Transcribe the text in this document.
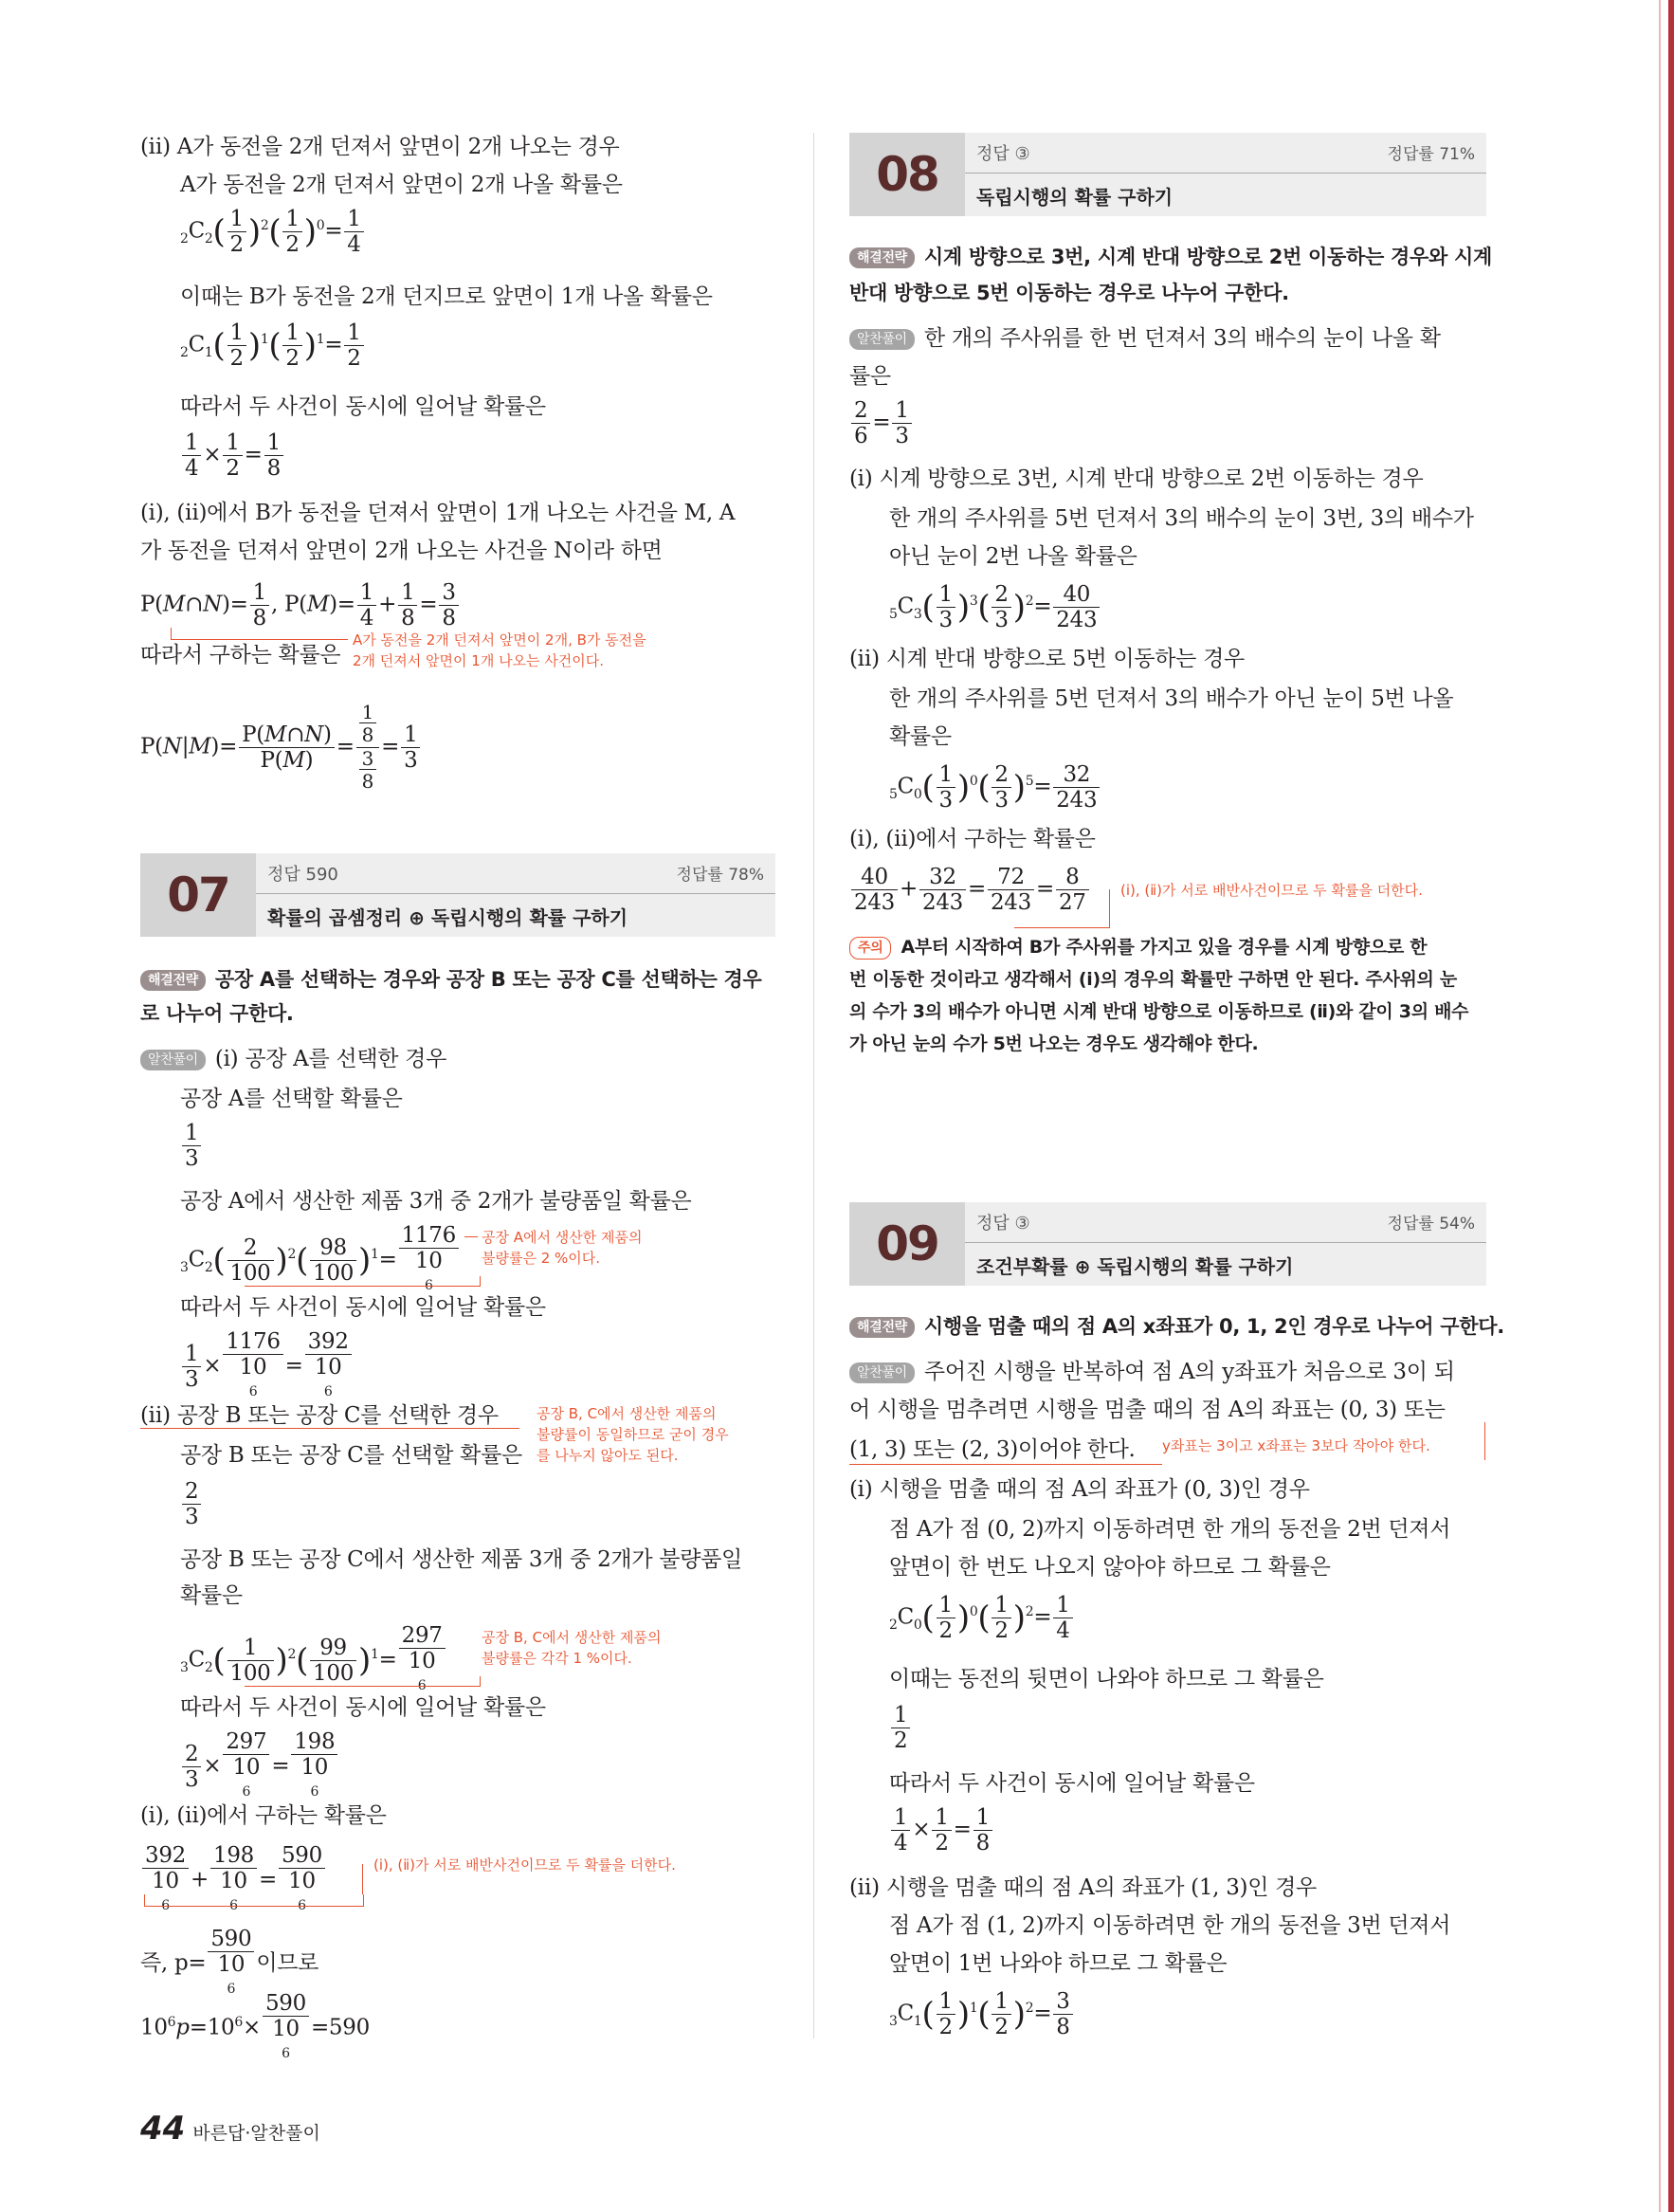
(ⅱ) A가 동전을 2개 던져서 앞면이 2개 나오는 경우
A가 동전을 2개 던져서 앞면이 2개 나올 확률은
$_2C_2( \frac{1}{2} )^2( \frac{1}{2} )^0= \frac{1}{4}$
이때는 B가 동전을 2개 던지므로 앞면이 1개 나올 확률은
$_2C_1( \frac{1}{2} )^1( \frac{1}{2} )^1= \frac{1}{2}$
따라서 두 사건이 동시에 일어날 확률은
$\frac{1}{4} \times \frac{1}{2} = \frac{1}{8}$
(ⅰ), (ⅱ)에서 B가 동전을 던져서 앞면이 1개 나오는 사건을 M, A
가 동전을 던져서 앞면이 2개 나오는 사건을 N이라 하면
P(M∩N)= $\frac{1}{8}$ , $P(M)= \frac{1}{4} + \frac{1}{8} = \frac{3}{8}$
따라서 구하는 확률은
A가 동전을 2개 던져서 앞면이 2개, B가 동전을
2개 던져서 앞면이 1개 나오는 사건이다.
$P(N|M)= \frac{P(M\cap N)}{P(M)}$ =
1
8
3
8
= $\frac{1}{3}$
07	정답 590	정답률 78%
확률의 곱셈정리 ⊕ 독립시행의 확률 구하기
해결전략 공장 A를 선택하는 경우와 공장 B 또는 공장 C를 선택하는 경우
로 나누어 구한다.
알찬풀이 (ⅰ) 공장 A를 선택한 경우
공장 A를 선택할 확률은
$\frac{1}{3}$
공장 A에서 생산한 제품 3개 중 2개가 불량품일 확률은
$_3C_2( \frac{2}{100} )^2( \frac{98}{100} )^1= 1176$
10
6 공장 A에서 생산한 제품의
불량률은 2 %이다.
따라서 두 사건이 동시에 일어날 확률은
$\frac{1}{3} \times 1176$
10
6 = 392
10
6
(ⅱ) 공장 B 또는 공장 C를 선택한 경우	공장 B, C에서 생산한 제품의
불량률이 동일하므로 굳이 경우
를 나누지 않아도 된다.
공장 B 또는 공장 C를 선택할 확률은
$\frac{2}{3}$
공장 B 또는 공장 C에서 생산한 제품 3개 중 2개가 불량품일
확률은
$_3C_2( \frac{1}{100} )^2( \frac{99}{100} )^1= 297$
10
6	공장 B, C에서 생산한 제품의
불량률은 각각 1 %이다.
따라서 두 사건이 동시에 일어날 확률은
$\frac{2}{3} \times 297$
10
6 = 198
10
6
(ⅰ), (ⅱ)에서 구하는 확률은
392
10
6 + 198
10
6 = 590
10
6	(ⅰ), (ⅱ)가 서로 배반사건이므로 두 확률을 더한다.
즉, p= 590
10
6 이므로
$10^6p=10^6\times 590$
10
6 =590
08	정답 ③	정답률 71%
독립시행의 확률 구하기
해결전략 시계 방향으로 3번, 시계 반대 방향으로 2번 이동하는 경우와 시계
반대 방향으로 5번 이동하는 경우로 나누어 구한다.
알찬풀이 한 개의 주사위를 한 번 던져서 3의 배수의 눈이 나올 확
률은
$\frac{2}{6} = \frac{1}{3}$
(ⅰ) 시계 방향으로 3번, 시계 반대 방향으로 2번 이동하는 경우
한 개의 주사위를 5번 던져서 3의 배수의 눈이 3번, 3의 배수가
아닌 눈이 2번 나올 확률은
$_5C_3( \frac{1}{3} )^3( \frac{2}{3} )^2= \frac{40}{243}$
(ⅱ) 시계 반대 방향으로 5번 이동하는 경우
한 개의 주사위를 5번 던져서 3의 배수가 아닌 눈이 5번 나올
확률은
$_5C_0( \frac{1}{3} )^0( \frac{2}{3} )^5= \frac{32}{243}$
(ⅰ), (ⅱ)에서 구하는 확률은
$\frac{40}{243} + \frac{32}{243} = \frac{72}{243} = \frac{8}{27}$ (ⅰ), (ⅱ)가 서로 배반사건이므로 두 확률을 더한다.
주의 A부터 시작하여 B가 주사위를 가지고 있을 경우를 시계 방향으로 한
번 이동한 것이라고 생각해서 (ⅰ)의 경우의 확률만 구하면 안 된다. 주사위의 눈
의 수가 3의 배수가 아니면 시계 반대 방향으로 이동하므로 (ⅱ)와 같이 3의 배수
가 아닌 눈의 수가 5번 나오는 경우도 생각해야 한다.
09	정답 ③	정답률 54%
조건부확률 ⊕ 독립시행의 확률 구하기
해결전략 시행을 멈출 때의 점 A의 x좌표가 0, 1, 2인 경우로 나누어 구한다.
알찬풀이 주어진 시행을 반복하여 점 A의 y좌표가 처음으로 3이 되
어 시행을 멈추려면 시행을 멈출 때의 점 A의 좌표는 (0, 3) 또는
(1, 3) 또는 (2, 3)이어야 한다. y좌표는 3이고 x좌표는 3보다 작아야 한다.
(ⅰ) 시행을 멈출 때의 점 A의 좌표가 (0, 3)인 경우
점 A가 점 (0, 2)까지 이동하려면 한 개의 동전을 2번 던져서
앞면이 한 번도 나오지 않아야 하므로 그 확률은
$_2C_0( \frac{1}{2} )^0( \frac{1}{2} )^2= \frac{1}{4}$
이때는 동전의 뒷면이 나와야 하므로 그 확률은
$\frac{1}{2}$
따라서 두 사건이 동시에 일어날 확률은
$\frac{1}{4} \times \frac{1}{2} = \frac{1}{8}$
(ⅱ) 시행을 멈출 때의 점 A의 좌표가 (1, 3)인 경우
점 A가 점 (1, 2)까지 이동하려면 한 개의 동전을 3번 던져서
앞면이 1번 나와야 하므로 그 확률은
$_3C_1( \frac{1}{2} )^1( \frac{1}{2} )^2= \frac{3}{8}$
44 바른답·알찬풀이
